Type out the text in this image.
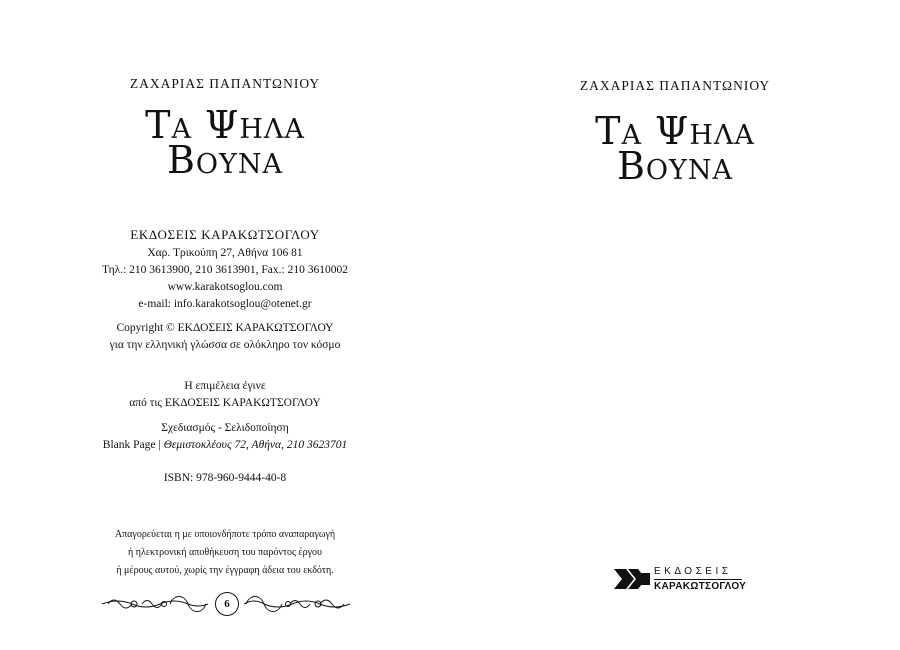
ΖΑΧΑΡΙΑΣ ΠΑΠΑΝΤΩΝΙΟΥ
Τα Ψηλα
Βουνα
ΕΚΔΟΣΕΙΣ ΚΑΡΑΚΩΤΣΟΓΛΟΥ
Χαρ. Τρικούπη 27, Αθήνα 106 81
Τηλ.: 210 3613900, 210 3613901, Fax.: 210 3610002
www.karakotsoglou.com
e-mail: info.karakotsoglou@otenet.gr
Copyright © ΕΚΔΟΣΕΙΣ ΚΑΡΑΚΩΤΣΟΓΛΟΥ
για την ελληνική γλώσσα σε ολόκληρο τον κόσμο
Η επιμέλεια έγινε
από τις ΕΚΔΟΣΕΙΣ ΚΑΡΑΚΩΤΣΟΓΛΟΥ
Σχεδιασμός - Σελιδοποίηση
Blank Page | Θεμιστοκλέους 72, Αθήνα, 210 3623701
ISBN: 978-960-9444-40-8
Απαγορεύεται η με οποιονδήποτε τρόπο αναπαραγωγή
ή ηλεκτρονική αποθήκευση του παρόντος έργου
ή μέρους αυτού, χωρίς την έγγραφη άδεια του εκδότη.
6
ΖΑΧΑΡΙΑΣ ΠΑΠΑΝΤΩΝΙΟΥ
Τα Ψηλα
Βουνα
ΕΚΔΟΣΕΙΣ
ΚΑΡΑΚΩΤΣΟΓΛΟΥ
